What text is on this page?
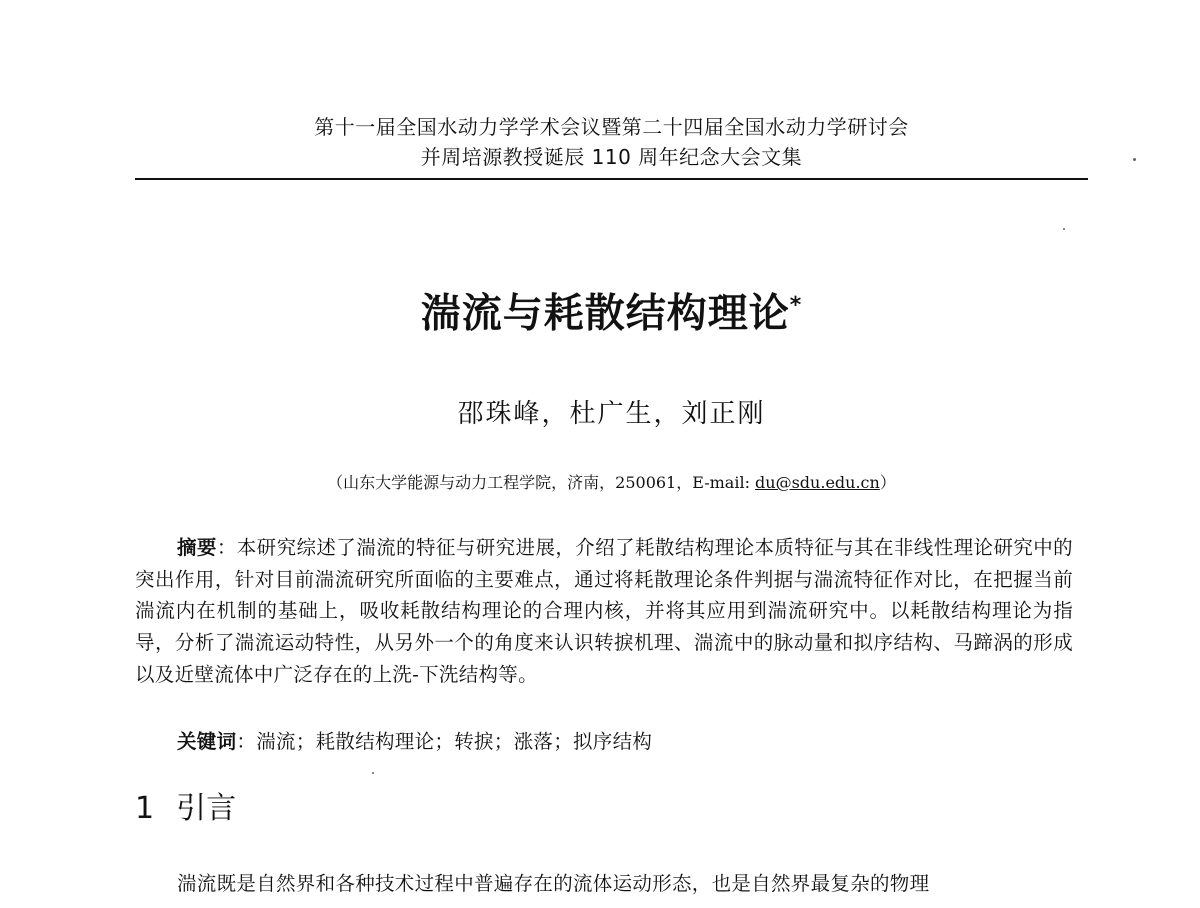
第十一届全国水动力学学术会议暨第二十四届全国水动力学研讨会
并周培源教授诞辰 110 周年纪念大会文集
湍流与耗散结构理论*
邵珠峰，杜广生，刘正刚
（山东大学能源与动力工程学院，济南，250061，E-mail: du@sdu.edu.cn）
摘要：本研究综述了湍流的特征与研究进展，介绍了耗散结构理论本质特征与其在非线性理论研究中的突出作用，针对目前湍流研究所面临的主要难点，通过将耗散理论条件判据与湍流特征作对比，在把握当前湍流内在机制的基础上，吸收耗散结构理论的合理内核，并将其应用到湍流研究中。以耗散结构理论为指导，分析了湍流运动特性，从另外一个的角度来认识转捩机理、湍流中的脉动量和拟序结构、马蹄涡的形成以及近壁流体中广泛存在的上洗-下洗结构等。
关键词：湍流；耗散结构理论；转捩；涨落；拟序结构
1 引言
湍流既是自然界和各种技术过程中普遍存在的流体运动形态，也是自然界最复杂的物理
